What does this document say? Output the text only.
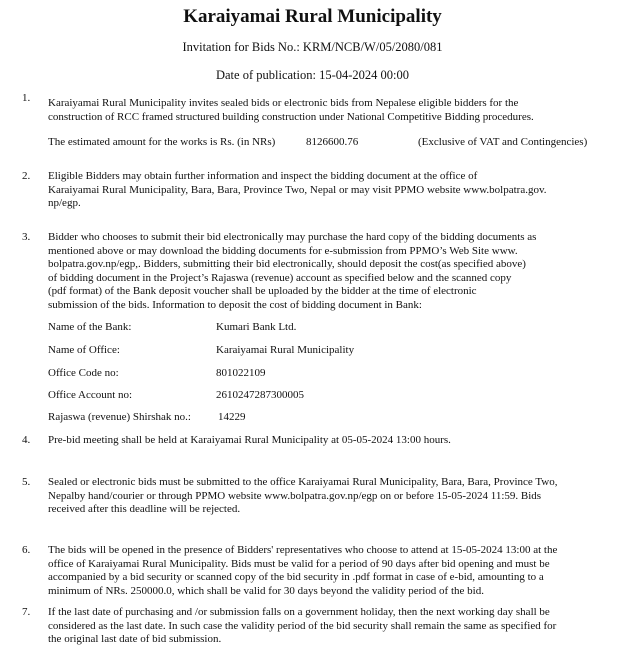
Karaiyamai Rural Municipality
Invitation for Bids No.: KRM/NCB/W/05/2080/081
Date of publication: 15-04-2024 00:00
1. Karaiyamai Rural Municipality invites sealed bids or electronic bids from Nepalese eligible bidders for the
construction of RCC framed structured building construction under National Competitive Bidding procedures.
The estimated amount for the works is Rs. (in NRs)	8126600.76	(Exclusive of VAT and Contingencies)
2. Eligible Bidders may obtain further information and inspect the bidding document at the office of
Karaiyamai Rural Municipality, Bara, Bara, Province Two, Nepal or may visit PPMO website www.bolpatra.gov.
np/egp.
3. Bidder who chooses to submit their bid electronically may purchase the hard copy of the bidding documents as
mentioned above or may download the bidding documents for e-submission from PPMO’s Web Site www.
bolpatra.gov.np/egp,. Bidders, submitting their bid electronically, should deposit the cost(as specified above)
of bidding document in the Project’s Rajaswa (revenue) account as specified below and the scanned copy
(pdf format) of the Bank deposit voucher shall be uploaded by the bidder at the time of electronic
submission of the bids. Information to deposit the cost of bidding document in Bank:
Name of the Bank:	Kumari Bank Ltd.
Name of Office:	Karaiyamai Rural Municipality
Office Code no:	801022109
Office Account no:	2610247287300005
Rajaswa (revenue) Shirshak no.: 14229
4. Pre-bid meeting shall be held at Karaiyamai Rural Municipality at 05-05-2024 13:00 hours.
5. Sealed or electronic bids must be submitted to the office Karaiyamai Rural Municipality, Bara, Bara, Province Two,
Nepalby hand/courier or through PPMO website www.bolpatra.gov.np/egp on or before 15-05-2024 11:59. Bids
received after this deadline will be rejected.
6. The bids will be opened in the presence of Bidders' representatives who choose to attend at 15-05-2024 13:00 at the
office of Karaiyamai Rural Municipality. Bids must be valid for a period of 90 days after bid opening and must be
accompanied by a bid security or scanned copy of the bid security in .pdf format in case of e-bid, amounting to a
minimum of NRs. 250000.0, which shall be valid for 30 days beyond the validity period of the bid.
7. If the last date of purchasing and /or submission falls on a government holiday, then the next working day shall be
considered as the last date. In such case the validity period of the bid security shall remain the same as specified for
the original last date of bid submission.
